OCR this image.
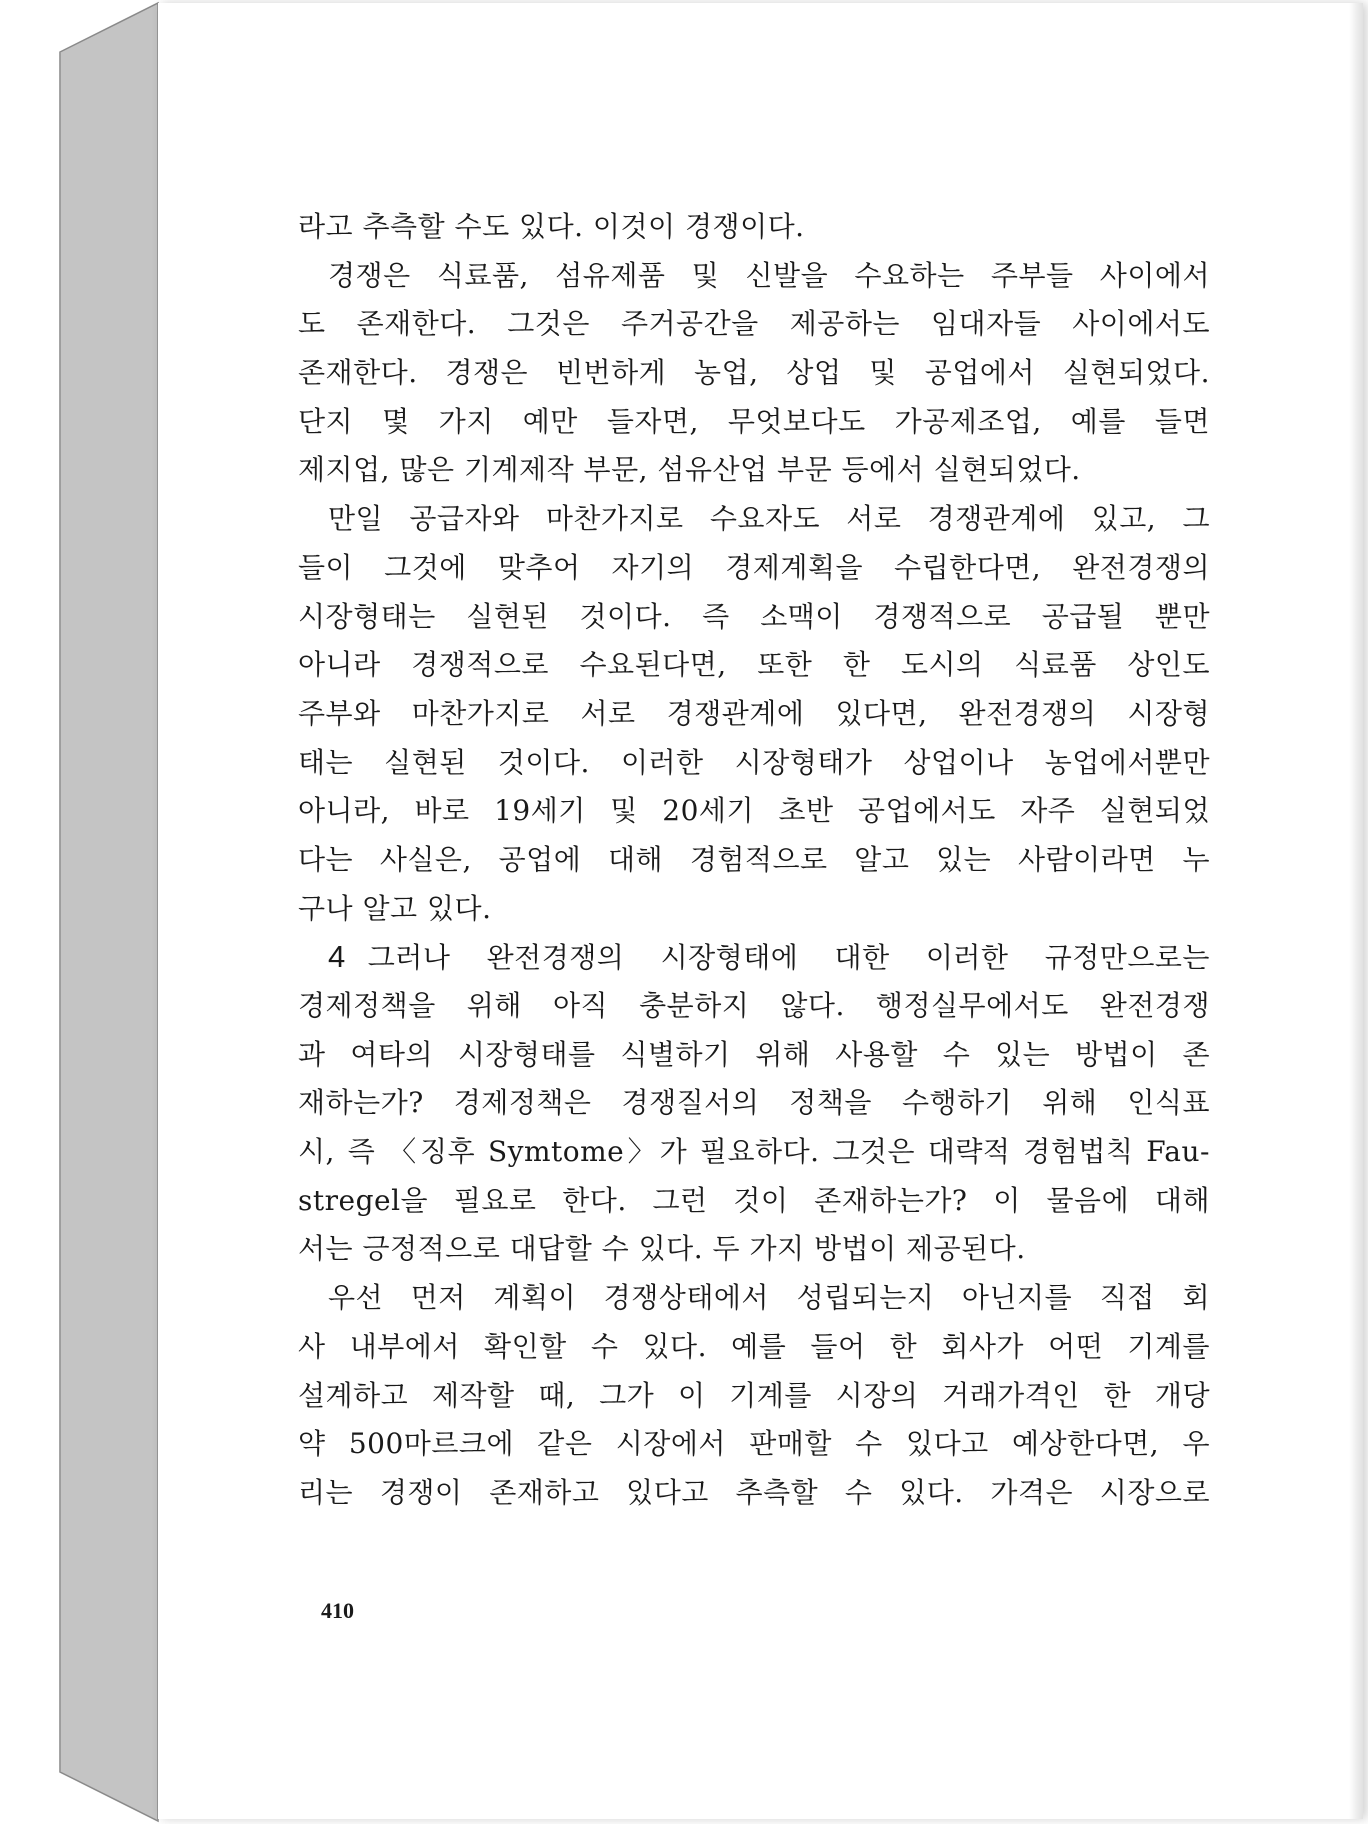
라고 추측할 수도 있다. 이것이 경쟁이다.
경쟁은 식료품, 섬유제품 및 신발을 수요하는 주부들 사이에서
도 존재한다. 그것은 주거공간을 제공하는 임대자들 사이에서도
존재한다. 경쟁은 빈번하게 농업, 상업 및 공업에서 실현되었다.
단지 몇 가지 예만 들자면, 무엇보다도 가공제조업, 예를 들면
제지업, 많은 기계제작 부문, 섬유산업 부문 등에서 실현되었다.
만일 공급자와 마찬가지로 수요자도 서로 경쟁관계에 있고, 그
들이 그것에 맞추어 자기의 경제계획을 수립한다면, 완전경쟁의
시장형태는 실현된 것이다. 즉 소맥이 경쟁적으로 공급될 뿐만
아니라 경쟁적으로 수요된다면, 또한 한 도시의 식료품 상인도
주부와 마찬가지로 서로 경쟁관계에 있다면, 완전경쟁의 시장형
태는 실현된 것이다. 이러한 시장형태가 상업이나 농업에서뿐만
아니라, 바로 19세기 및 20세기 초반 공업에서도 자주 실현되었
다는 사실은, 공업에 대해 경험적으로 알고 있는 사람이라면 누
구나 알고 있다.
4 그러나 완전경쟁의 시장형태에 대한 이러한 규정만으로는
경제정책을 위해 아직 충분하지 않다. 행정실무에서도 완전경쟁
과 여타의 시장형태를 식별하기 위해 사용할 수 있는 방법이 존
재하는가? 경제정책은 경쟁질서의 정책을 수행하기 위해 인식표
시, 즉 〈징후 Symtome〉가 필요하다. 그것은 대략적 경험법칙 Fau-
stregel을 필요로 한다. 그런 것이 존재하는가? 이 물음에 대해
서는 긍정적으로 대답할 수 있다. 두 가지 방법이 제공된다.
우선 먼저 계획이 경쟁상태에서 성립되는지 아닌지를 직접 회
사 내부에서 확인할 수 있다. 예를 들어 한 회사가 어떤 기계를
설계하고 제작할 때, 그가 이 기계를 시장의 거래가격인 한 개당
약 500마르크에 같은 시장에서 판매할 수 있다고 예상한다면, 우
리는 경쟁이 존재하고 있다고 추측할 수 있다. 가격은 시장으로
410
